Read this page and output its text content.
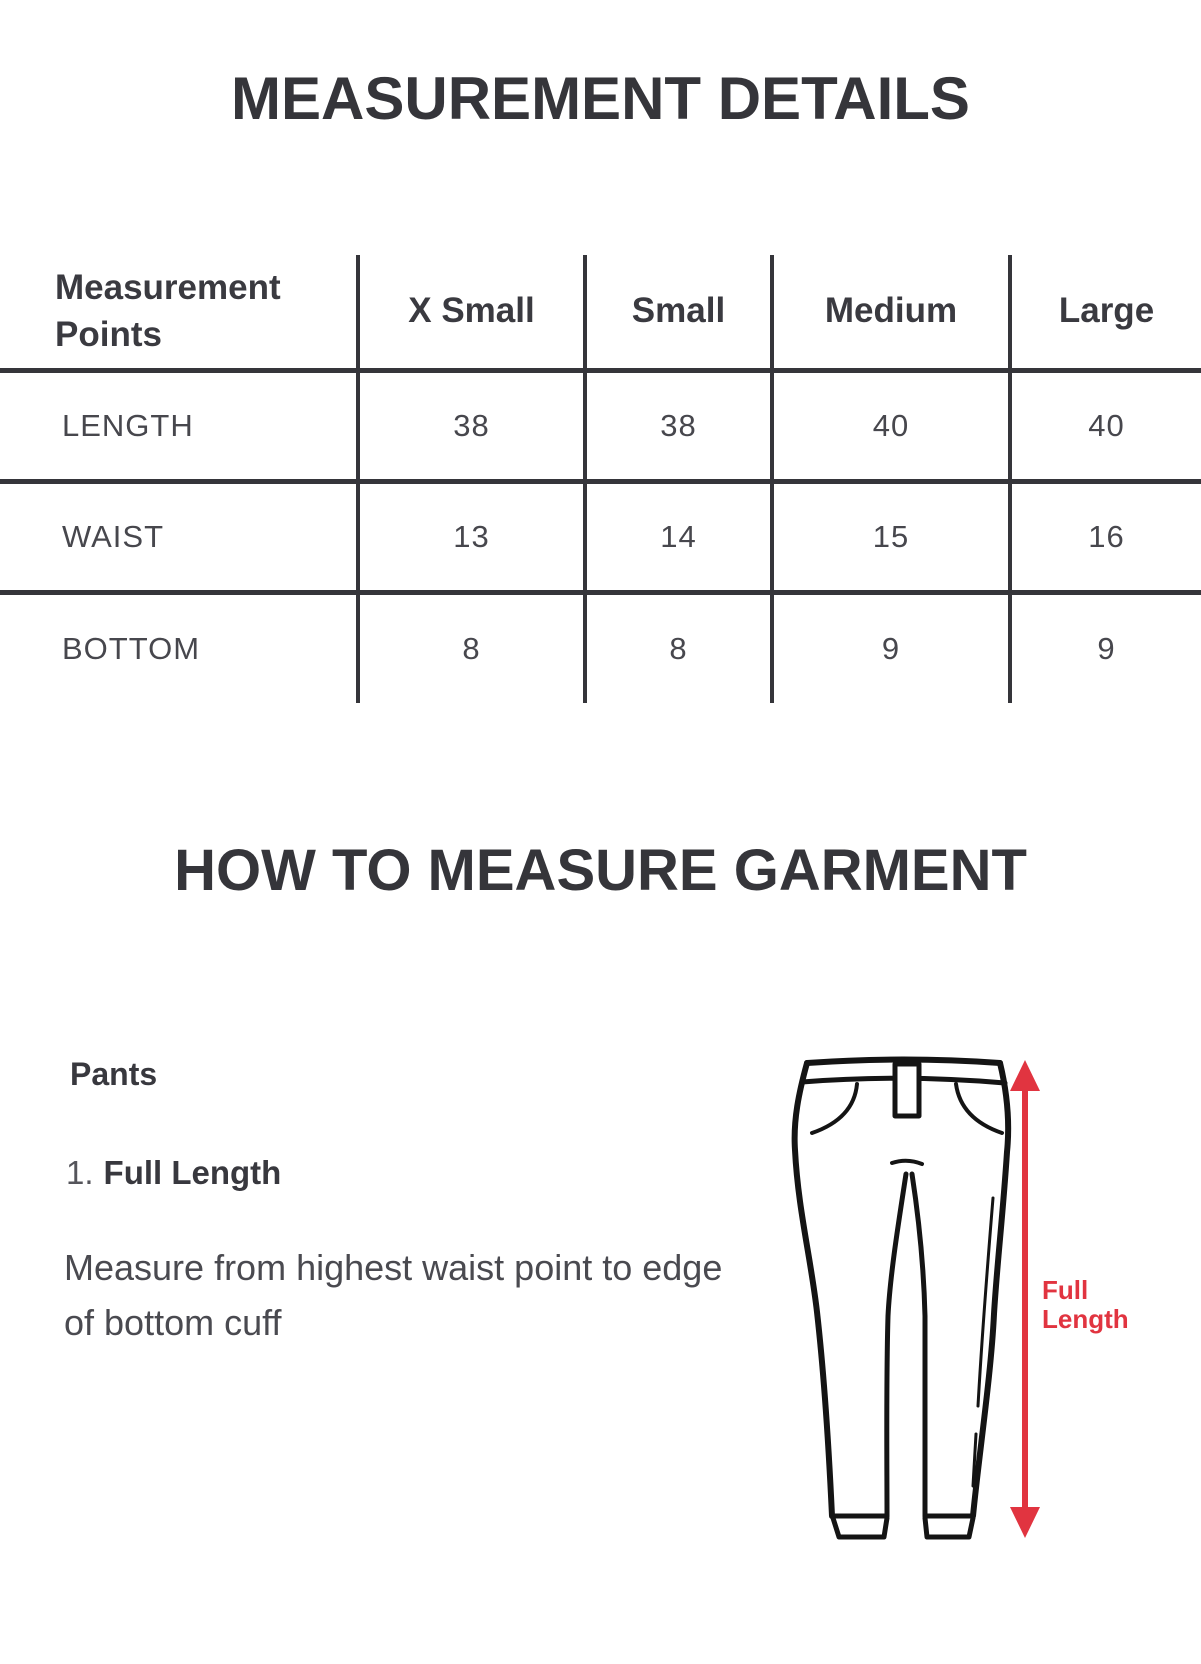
MEASUREMENT DETAILS
Measurement Points	X Small	Small	Medium	Large
LENGTH	38	38	40	40
WAIST	13	14	15	16
BOTTOM	8	8	9	9
HOW TO MEASURE GARMENT
Pants
1. Full Length
Measure from highest waist point to edge of bottom cuff
Full
Length
